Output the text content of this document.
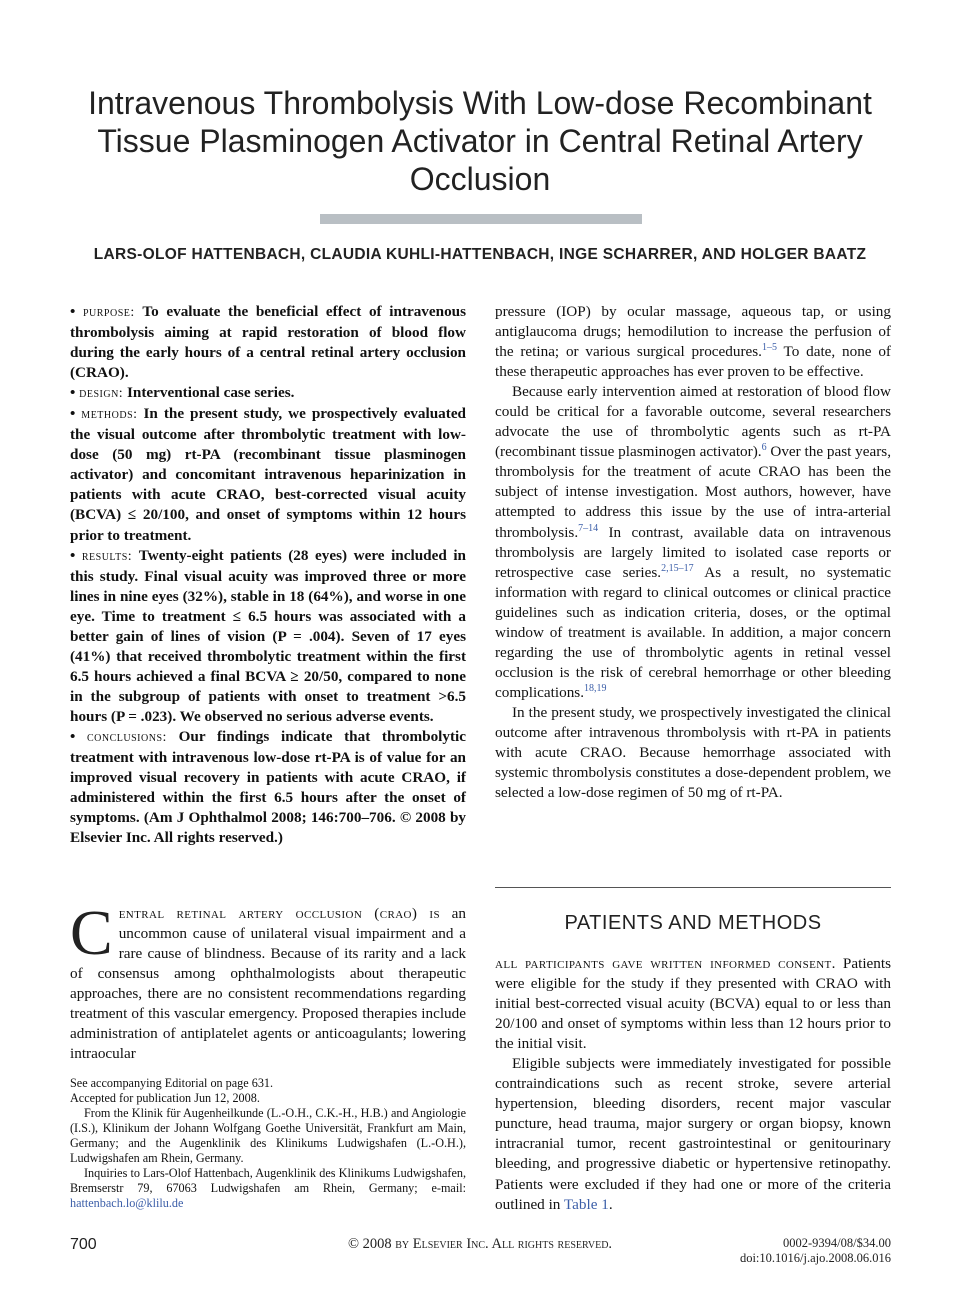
Intravenous Thrombolysis With Low-dose Recombinant Tissue Plasminogen Activator in Central Retinal Artery Occlusion
LARS-OLOF HATTENBACH, CLAUDIA KUHLI-HATTENBACH, INGE SCHARRER, AND HOLGER BAATZ

• purpose: To evaluate the beneficial effect of intravenous thrombolysis aiming at rapid restoration of blood flow during the early hours of a central retinal artery occlusion (CRAO).

• design: Interventional case series.

• methods: In the present study, we prospectively evaluated the visual outcome after thrombolytic treatment with low-dose (50 mg) rt-PA (recombinant tissue plasminogen activator) and concomitant intravenous heparinization in patients with acute CRAO, best-corrected visual acuity (BCVA) ≤ 20/100, and onset of symptoms within 12 hours prior to treatment.

• results: Twenty-eight patients (28 eyes) were included in this study. Final visual acuity was improved three or more lines in nine eyes (32%), stable in 18 (64%), and worse in one eye. Time to treatment ≤ 6.5 hours was associated with a better gain of lines of vision (P = .004). Seven of 17 eyes (41%) that received thrombolytic treatment within the first 6.5 hours achieved a final BCVA ≥ 20/50, compared to none in the subgroup of patients with onset to treatment >6.5 hours (P = .023). We observed no serious adverse events.

• conclusions: Our findings indicate that thrombolytic treatment with intravenous low-dose rt-PA is of value for an improved visual recovery in patients with acute CRAO, if administered within the first 6.5 hours after the onset of symptoms. (Am J Ophthalmol 2008; 146:700–706. © 2008 by Elsevier Inc. All rights reserved.)

Central retinal artery occlusion (crao) is an uncommon cause of unilateral visual impairment and a rare cause of blindness. Because of its rarity and a lack of consensus among ophthalmologists about therapeutic approaches, there are no consistent recommendations regarding treatment of this vascular emergency. Proposed therapies include administration of antiplatelet agents or anticoagulants; lowering intraocular

See accompanying Editorial on page 631.

Accepted for publication Jun 12, 2008.

From the Klinik für Augenheilkunde (L.-O.H., C.K.-H., H.B.) and Angiologie (I.S.), Klinikum der Johann Wolfgang Goethe Universität, Frankfurt am Main, Germany; and the Augenklinik des Klinikums Ludwigshafen (L.-O.H.), Ludwigshafen am Rhein, Germany.

Inquiries to Lars-Olof Hattenbach, Augenklinik des Klinikums Ludwigshafen, Bremserstr 79, 67063 Ludwigshafen am Rhein, Germany; e-mail: hattenbach.lo@klilu.de

pressure (IOP) by ocular massage, aqueous tap, or using antiglaucoma drugs; hemodilution to increase the perfusion of the retina; or various surgical procedures.$^{1-5}$ To date, none of these therapeutic approaches has ever proven to be effective.

Because early intervention aimed at restoration of blood flow could be critical for a favorable outcome, several researchers advocate the use of thrombolytic agents such as rt-PA (recombinant tissue plasminogen activator).$^6$ Over the past years, thrombolysis for the treatment of acute CRAO has been the subject of intense investigation. Most authors, however, have attempted to address this issue by the use of intra-arterial thrombolysis.$^{7-14}$ In contrast, available data on intravenous thrombolysis are largely limited to isolated case reports or retrospective case series.$^{2,15-17}$ As a result, no systematic information with regard to clinical outcomes or clinical practice guidelines such as indication criteria, doses, or the optimal window of treatment is available. In addition, a major concern regarding the use of thrombolytic agents in retinal vessel occlusion is the risk of cerebral hemorrhage or other bleeding complications.$^{18,19}$

In the present study, we prospectively investigated the clinical outcome after intravenous thrombolysis with rt-PA in patients with acute CRAO. Because hemorrhage associated with systemic thrombolysis constitutes a dose-dependent problem, we selected a low-dose regimen of 50 mg of rt-PA.

PATIENTS AND METHODS

all participants gave written informed consent. Patients were eligible for the study if they presented with CRAO with initial best-corrected visual acuity (BCVA) equal to or less than 20/100 and onset of symptoms within less than 12 hours prior to the initial visit.

Eligible subjects were immediately investigated for possible contraindications such as recent stroke, severe arterial hypertension, bleeding disorders, recent major vascular puncture, head trauma, major surgery or organ biopsy, known intracranial tumor, recent gastrointestinal or genitourinary bleeding, and progressive diabetic or hypertensive retinopathy. Patients were excluded if they had one or more of the criteria outlined in Table 1.

700	© 2008 by Elsevier Inc. All rights reserved.	0002-9394/08/$34.00
doi:10.1016/j.ajo.2008.06.016
